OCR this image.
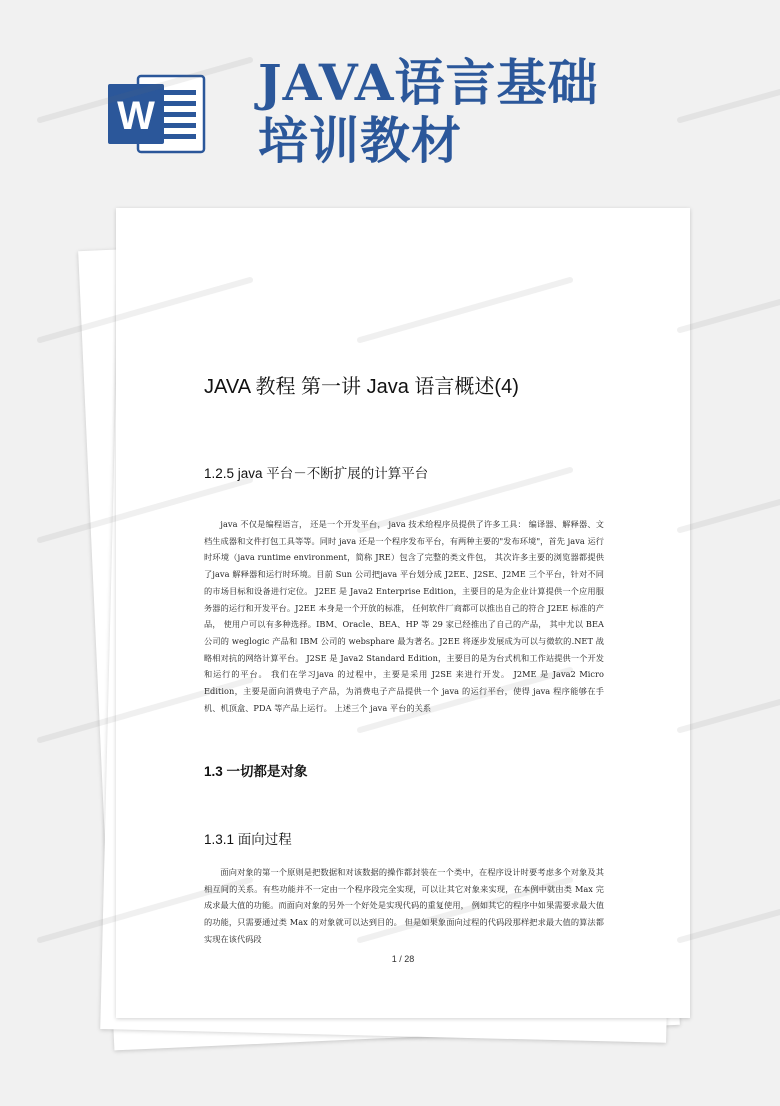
W
JAVA语言基础
培训教材
JAVA 教程 第一讲 Java 语言概述(4)
1.2.5 java 平台－不断扩展的计算平台
java 不仅是编程语言， 还是一个开发平台， java 技术给程序员提供了许多工具： 编译器、解释器、文档生成器和文件打包工具等等。同时 java 还是一个程序发布平台，有两种主要的"发布环境"，首先 java 运行时环境（java runtime environment，简称 JRE）包含了完整的类文件包， 其次许多主要的浏览器都提供了java 解释器和运行时环境。目前 Sun 公司把java 平台划分成 J2EE、J2SE、J2ME 三个平台，针对不同的市场目标和设备进行定位。 J2EE 是 Java2 Enterprise Edition，主要目的是为企业计算提供一个应用服务器的运行和开发平台。J2EE 本身是一个开放的标准， 任何软件厂商都可以推出自己的符合 J2EE 标准的产品， 使用户可以有多种选择。IBM、Oracle、BEA、HP 等 29 家已经推出了自己的产品， 其中尤以 BEA 公司的 weglogic 产品和 IBM 公司的 websphare 最为著名。J2EE 将逐步发展成为可以与微软的.NET 战略相对抗的网络计算平台。 J2SE 是 Java2 Standard Edition，主要目的是为台式机和工作站提供一个开发和运行的平台。 我们在学习java 的过程中，主要是采用 J2SE 来进行开发。 J2ME 是 Java2 Micro Edition，主要是面向消费电子产品，为消费电子产品提供一个 java 的运行平台，使得 java 程序能够在手机、机顶盒、PDA 等产品上运行。 上述三个 java 平台的关系
1.3 一切都是对象
1.3.1 面向过程
面向对象的第一个原则是把数据和对该数据的操作都封装在一个类中，在程序设计时要考虑多个对象及其相互间的关系。有些功能并不一定由一个程序段完全实现，可以让其它对象来实现，在本例中就由类 Max 完成求最大值的功能。而面向对象的另外一个好处是实现代码的重复使用， 例如其它的程序中如果需要求最大值的功能，只需要通过类 Max 的对象就可以达到目的。 但是如果象面向过程的代码段那样把求最大值的算法都实现在该代码段
1 / 28
